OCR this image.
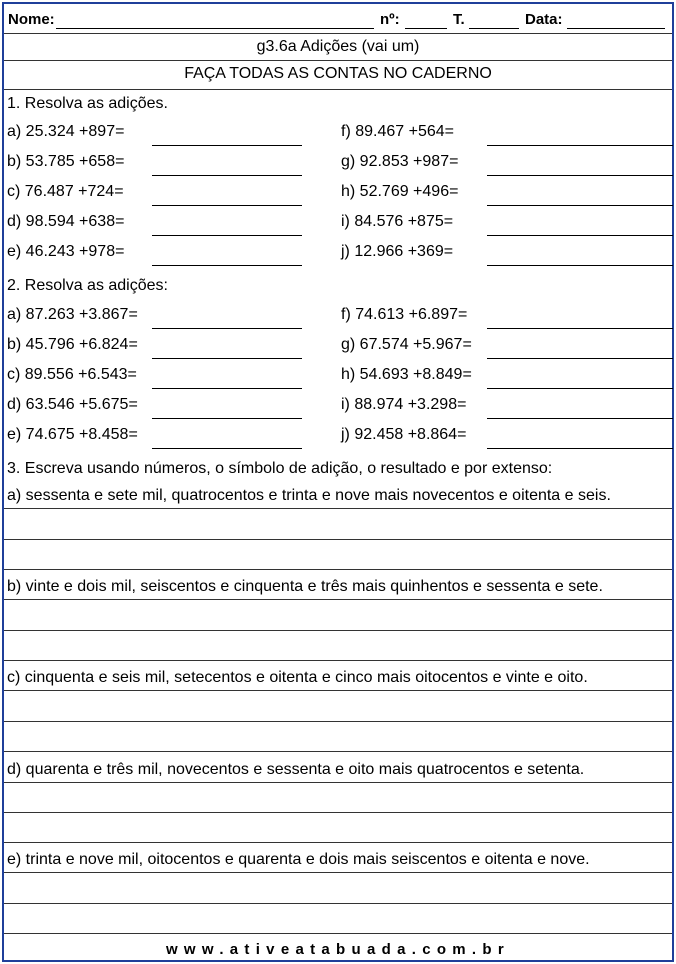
Nome:	nº:	T.	Data:
g3.6a Adições (vai um)
FAÇA TODAS AS CONTAS NO CADERNO
1. Resolva as adições.
a) 25.324 +897=	f) 89.467 +564=
b) 53.785 +658=	g) 92.853 +987=
c) 76.487 +724=	h) 52.769 +496=
d) 98.594 +638=	i) 84.576 +875=
e) 46.243 +978=	j) 12.966 +369=
2. Resolva as adições:
a) 87.263 +3.867=	f) 74.613 +6.897=
b) 45.796 +6.824=	g) 67.574 +5.967=
c) 89.556 +6.543=	h) 54.693 +8.849=
d) 63.546 +5.675=	i) 88.974 +3.298=
e) 74.675 +8.458=	j) 92.458 +8.864=
3. Escreva usando números, o símbolo de adição, o resultado e por extenso:
a) sessenta e sete mil, quatrocentos e trinta e nove mais novecentos e oitenta e seis.
b) vinte e dois mil, seiscentos e cinquenta e três mais quinhentos e sessenta e sete.
c) cinquenta e seis mil, setecentos e oitenta e cinco mais oitocentos e vinte e oito.
d) quarenta e três mil, novecentos e sessenta e oito mais quatrocentos e setenta.
e) trinta e nove mil, oitocentos e quarenta e dois mais seiscentos e oitenta e nove.
www.ativeatabuada.com.br
